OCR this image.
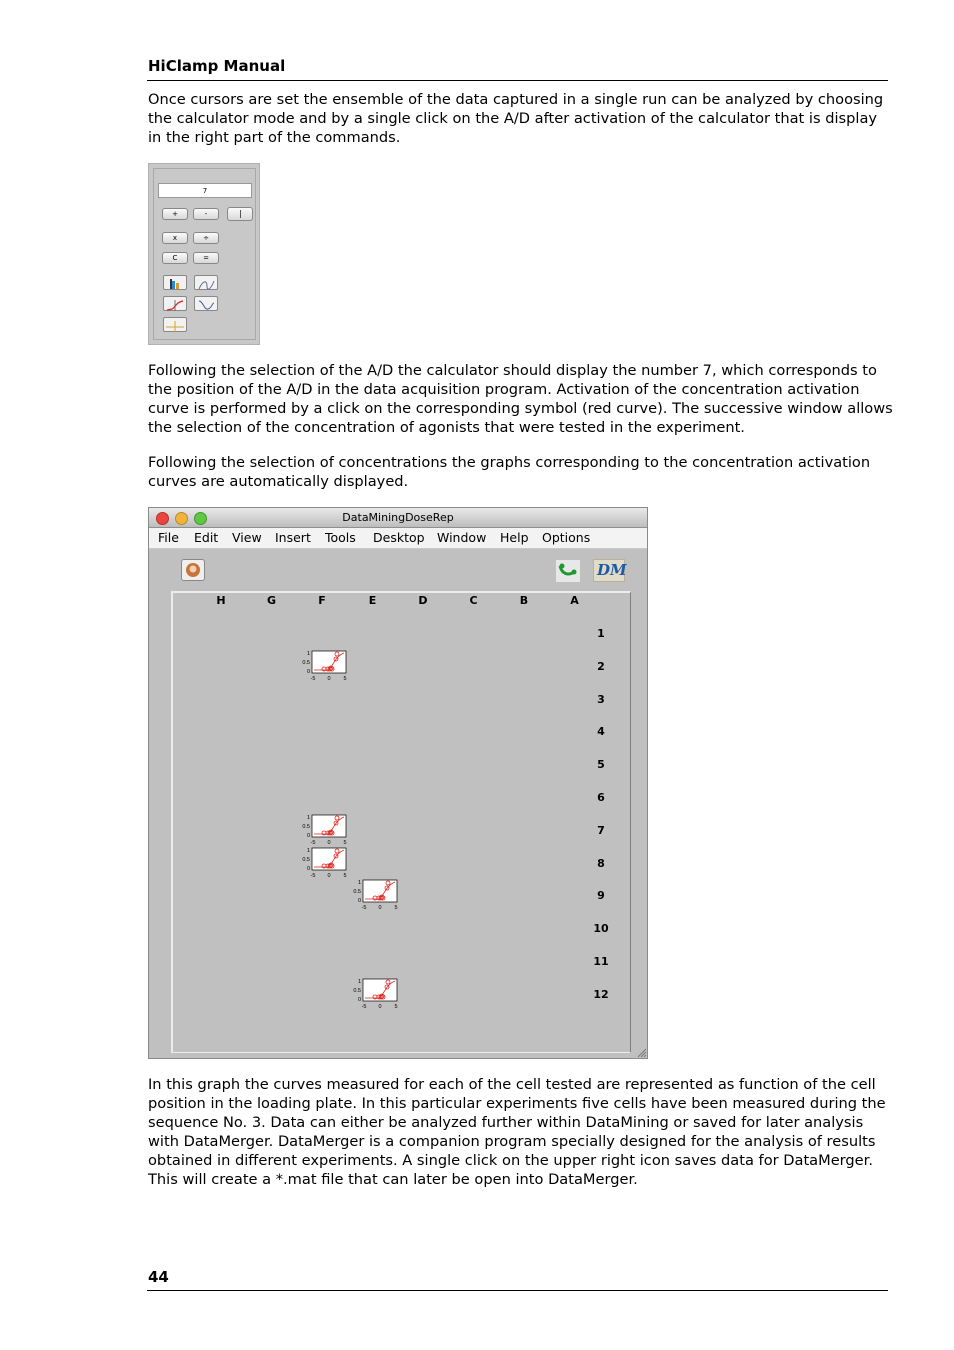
HiClamp Manual

Once cursors are set the ensemble of the data captured in a single run can be analyzed by choosing the calculator mode and by a single click on the A/D after activation of the calculator that is display in the right part of the commands.

7
+	-
x	÷
C	=

Following the selection of the A/D the calculator should display the number 7, which corresponds to the position of the A/D in the data acquisition program. Activation of the concentration activation curve is performed by a click on the corresponding symbol (red curve). The successive window allows the selection of the concentration of agonists that were tested in the experiment.

Following the selection of concentrations the graphs corresponding to the concentration activation curves are automatically displayed.

DataMiningDoseRep
File Edit View Insert Tools Desktop Window Help Options
DM
H	G	F	E	D	C	B	A
1
2
3
4
5
6
7
8
9
10
11
12
1
0.5
0
-5 0 5
1
0.5
0
-5 0 5
1
0.5
0
-5 0 5
1
0.5
0
-5 0 5
1
0.5
0
-5 0 5

In this graph the curves measured for each of the cell tested are represented as function of the cell position in the loading plate. In this particular experiments five cells have been measured during the sequence No. 3. Data can either be analyzed further within DataMining or saved for later analysis with DataMerger. DataMerger is a companion program specially designed for the analysis of results obtained in different experiments. A single click on the upper right icon saves data for DataMerger. This will create a *.mat file that can later be open into DataMerger.

44
